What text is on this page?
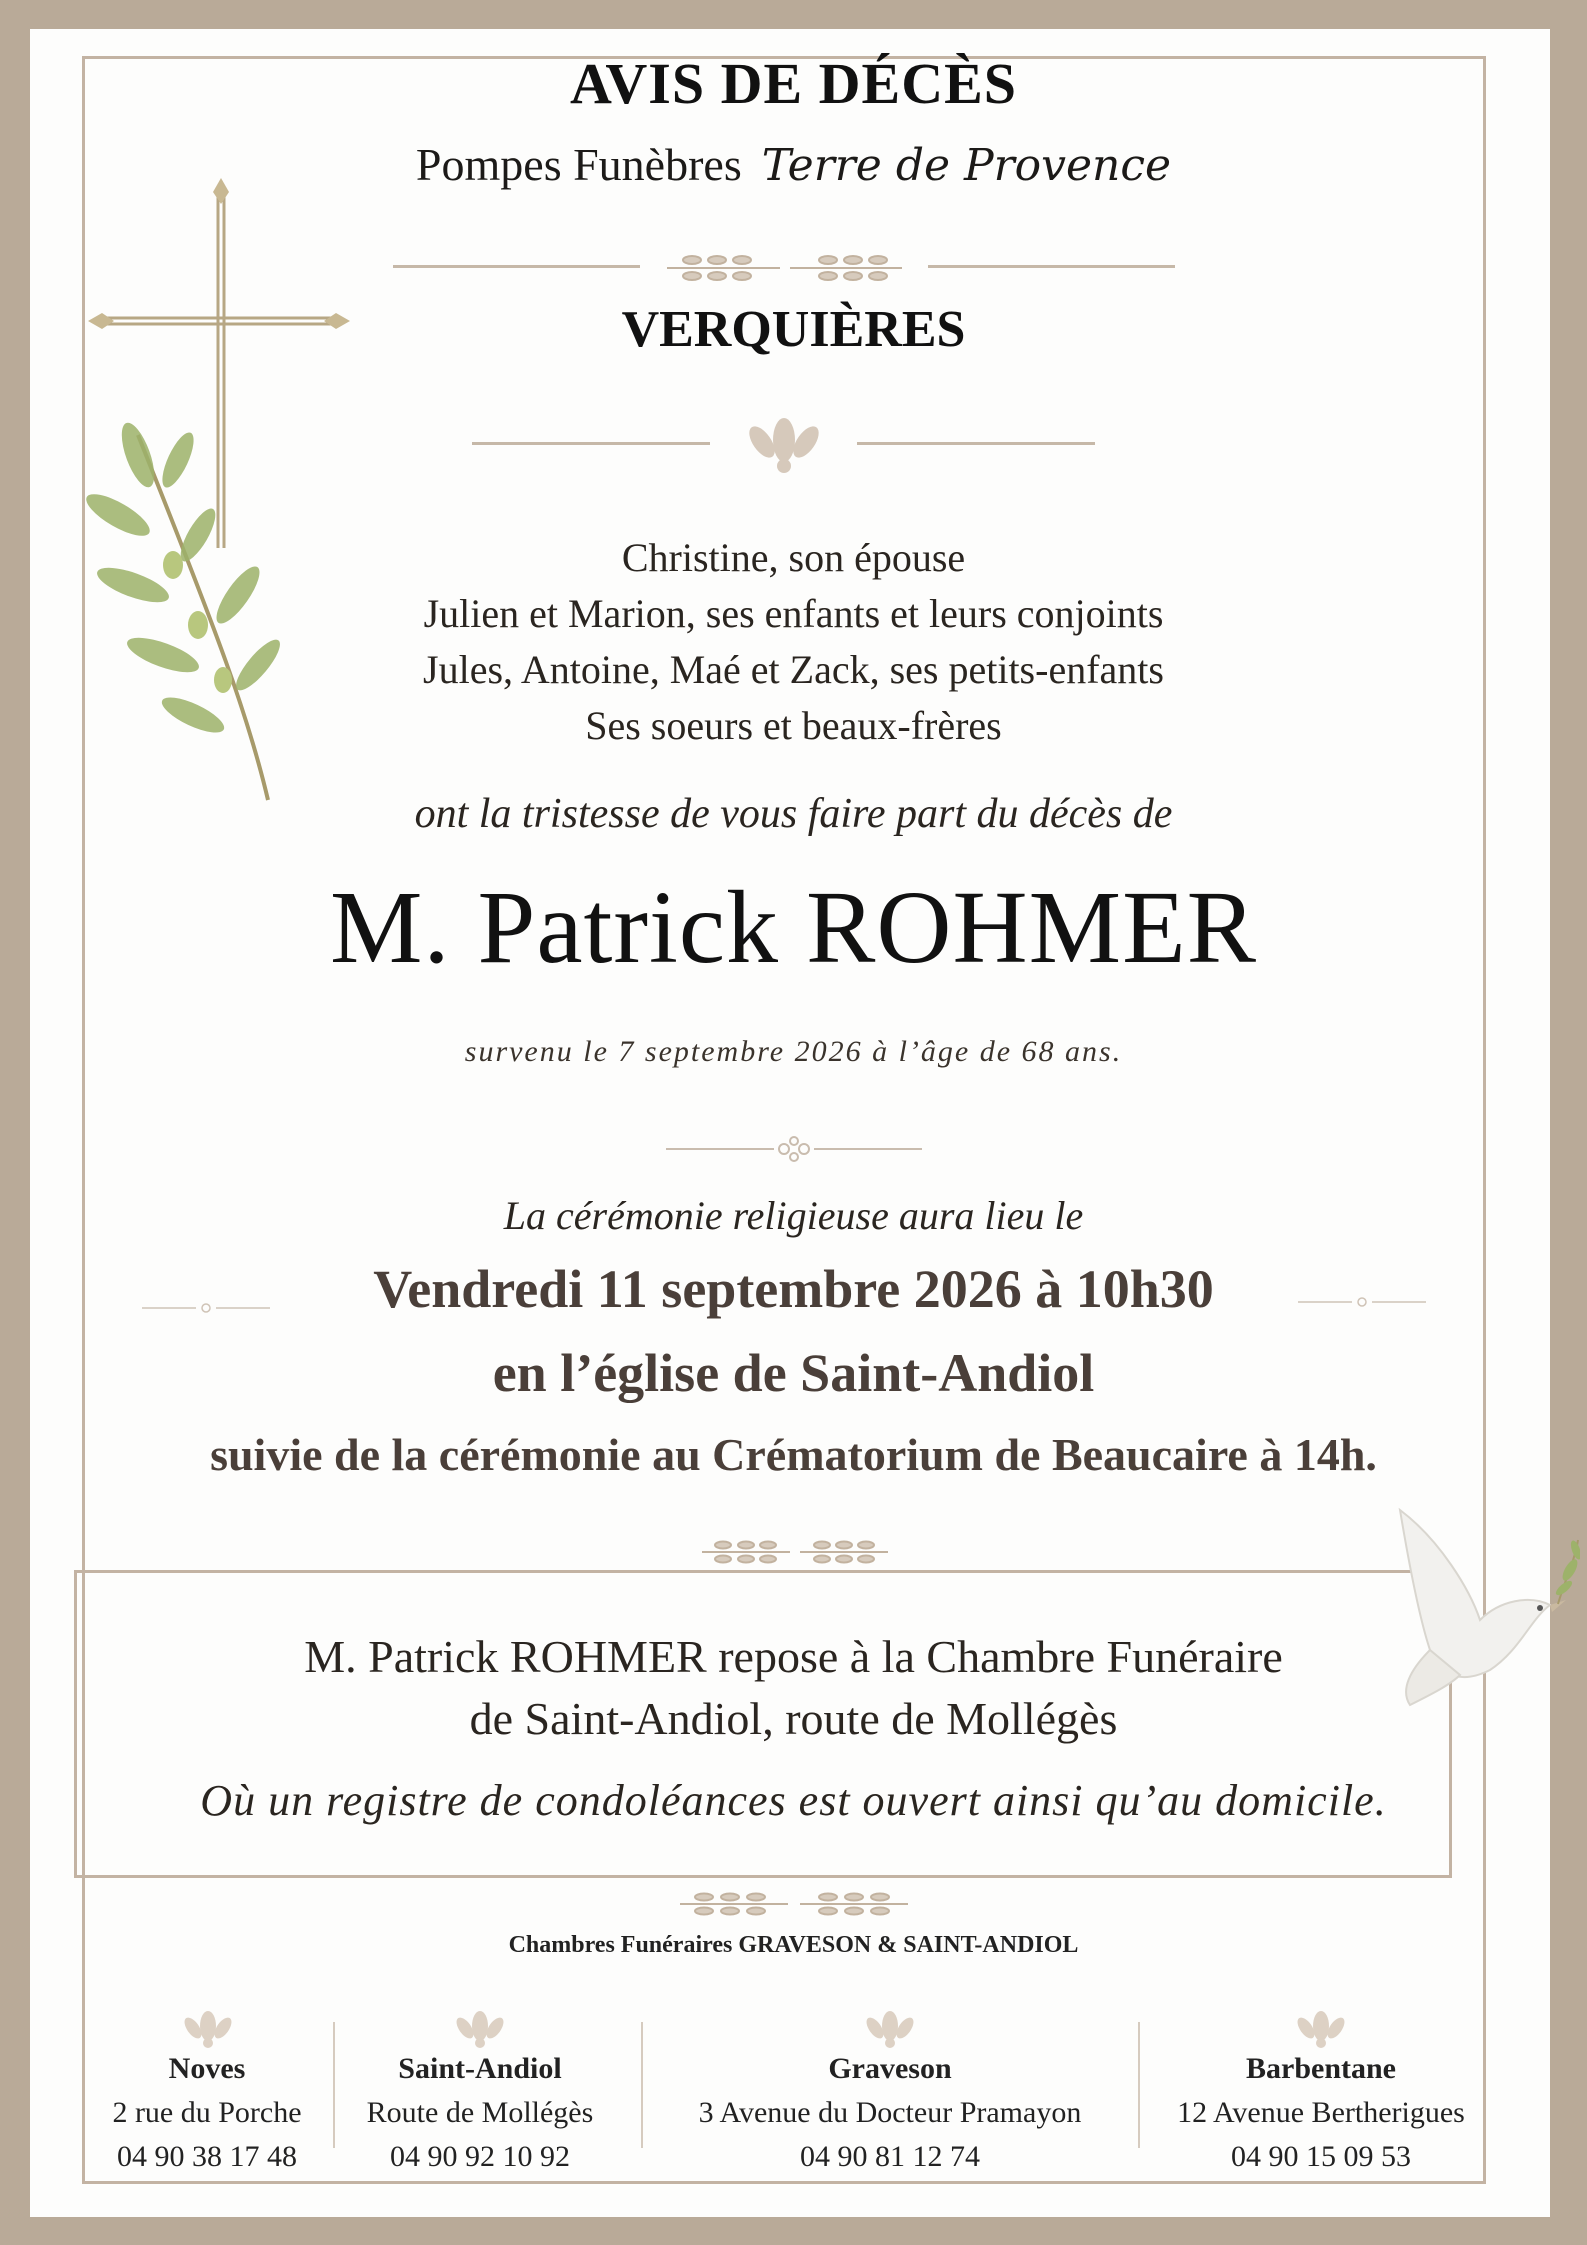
AVIS DE DÉCÈS
Pompes Funèbres Terre de Provence
VERQUIÈRES
Christine, son épouse
Julien et Marion, ses enfants et leurs conjoints
Jules, Antoine, Maé et Zack, ses petits-enfants
Ses soeurs et beaux-frères
ont la tristesse de vous faire part du décès de
M. Patrick ROHMER
survenu le 7 septembre 2026 à l’âge de 68 ans.
La cérémonie religieuse aura lieu le
Vendredi 11 septembre 2026 à 10h30
en l’église de Saint-Andiol
suivie de la cérémonie au Crématorium de Beaucaire à 14h.
M. Patrick ROHMER repose à la Chambre Funéraire
de Saint-Andiol, route de Mollégès
Où un registre de condoléances est ouvert ainsi qu’au domicile.
Chambres Funéraires GRAVESON & SAINT-ANDIOL
Noves
2 rue du Porche
04 90 38 17 48
Saint-Andiol
Route de Mollégès
04 90 92 10 92
Graveson
3 Avenue du Docteur Pramayon
04 90 81 12 74
Barbentane
12 Avenue Bertherigues
04 90 15 09 53
